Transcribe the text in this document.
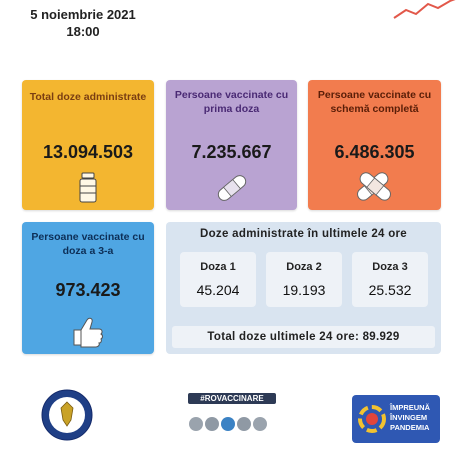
5 noiembrie 2021
18:00
Total doze administrate
13.094.503
Persoane vaccinate cu prima doza
7.235.667
Persoane vaccinate cu schemă completă
6.486.305
Persoane vaccinate cu doza a 3-a
973.423
Doze administrate în ultimele 24 ore
Doza 1
45.204
Doza 2
19.193
Doza 3
25.532
Total doze ultimele 24 ore: 89.929
#ROVACCINARE
ÎMPREUNĂ ÎNVINGEM PANDEMIA
